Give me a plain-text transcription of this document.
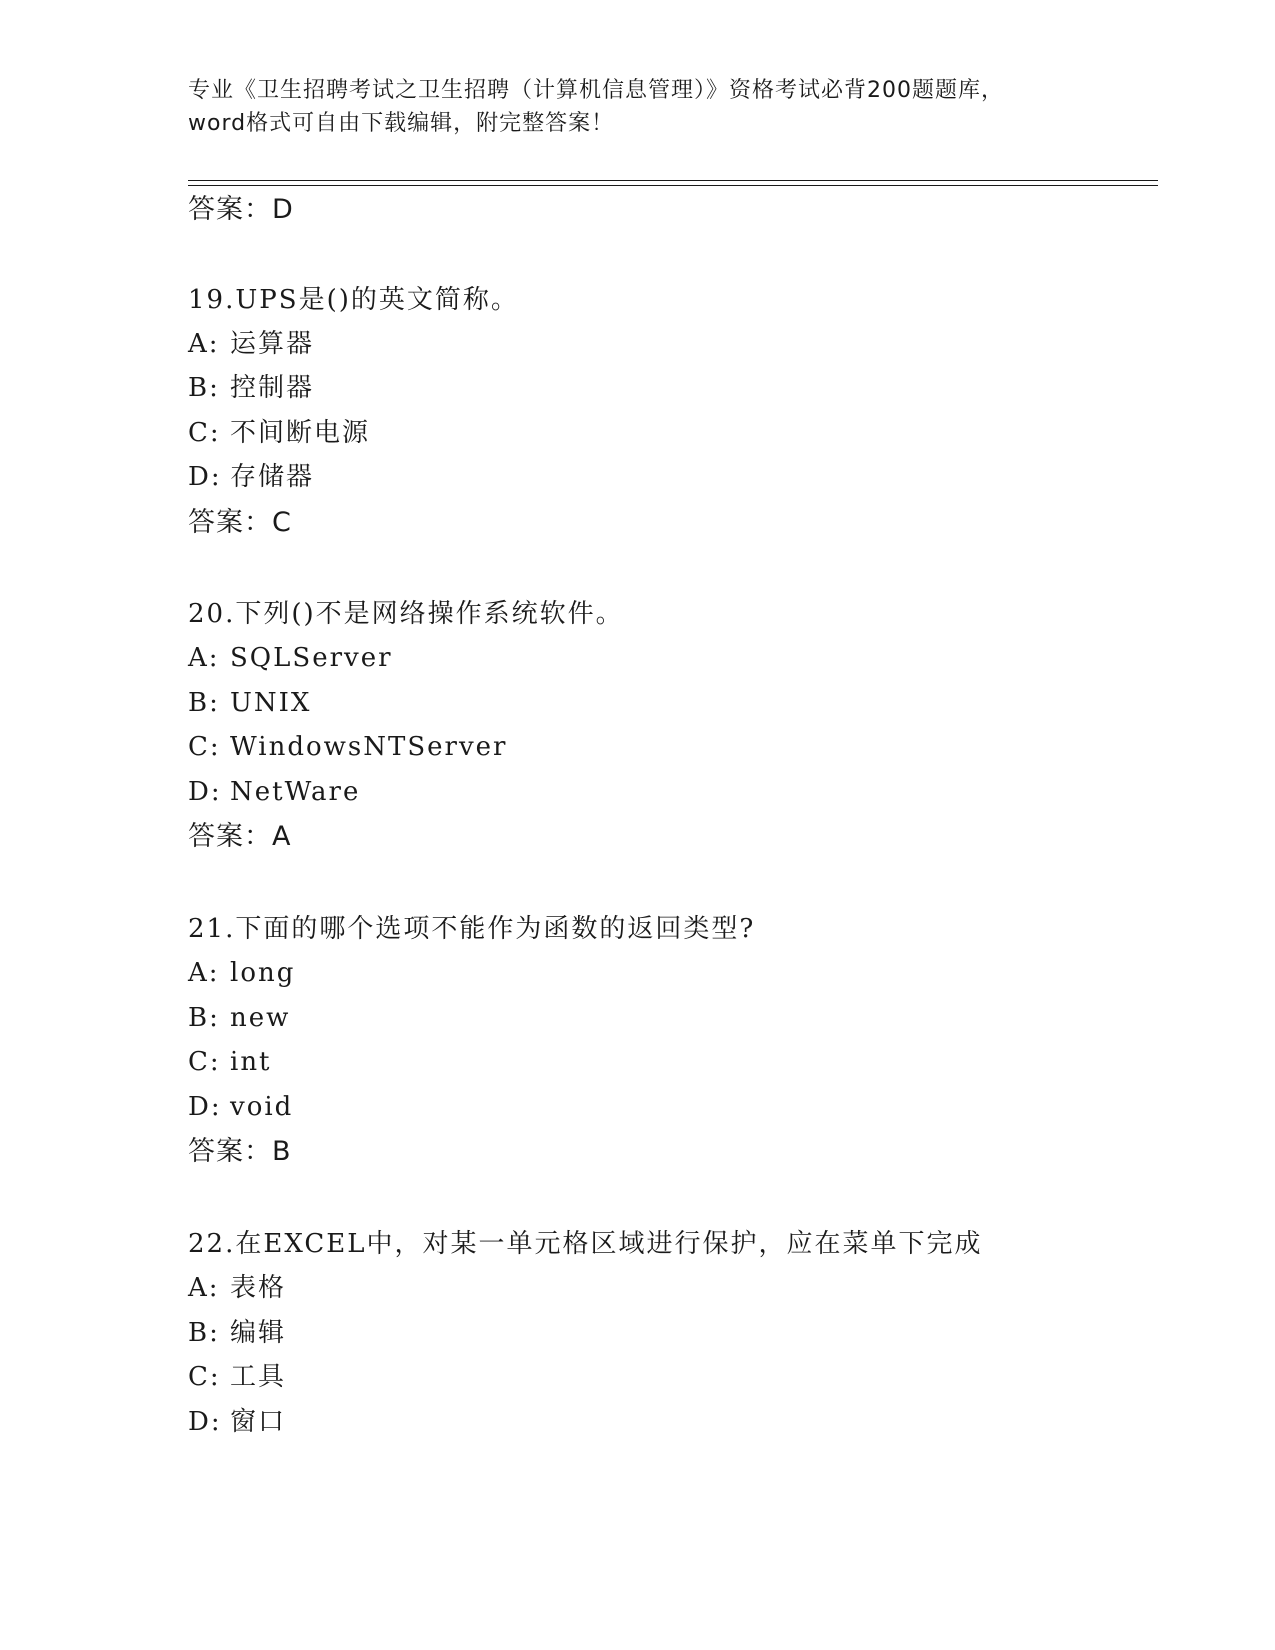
专业《卫生招聘考试之卫生招聘（计算机信息管理）》资格考试必背200题题库，
word格式可自由下载编辑，附完整答案！
答案：D
19.UPS是()的英文简称。
A: 运算器
B: 控制器
C: 不间断电源
D: 存储器
答案：C
20.下列()不是网络操作系统软件。
A: SQLServer
B: UNIX
C: WindowsNTServer
D: NetWare
答案：A
21.下面的哪个选项不能作为函数的返回类型?
A: long
B: new
C: int
D: void
答案：B
22.在EXCEL中，对某一单元格区域进行保护，应在菜单下完成
A: 表格
B: 编辑
C: 工具
D: 窗口
